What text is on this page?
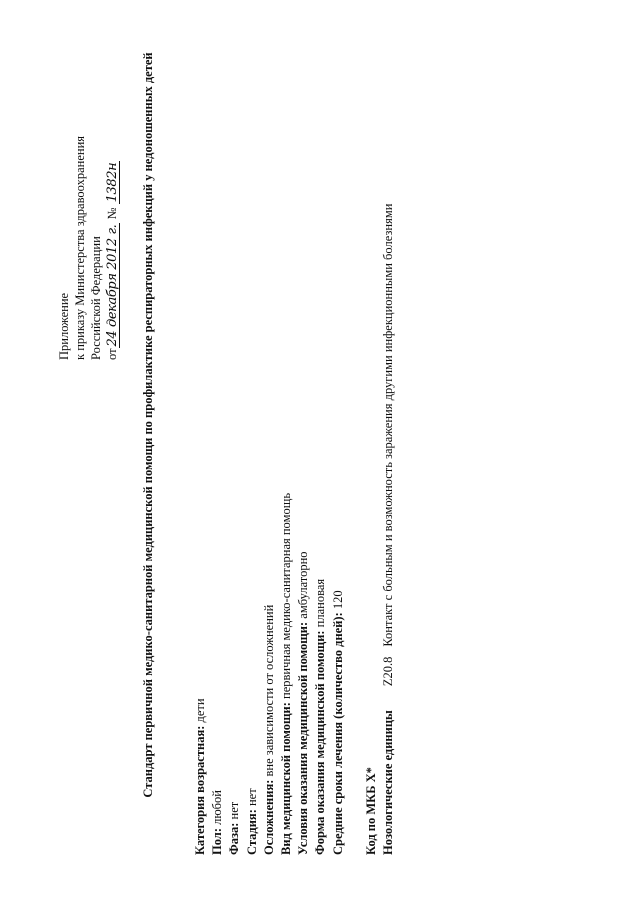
Приложение к приказу Министерства здравоохранения Российской Федерации от24 декабря 2012 г. № 1382н Стандарт первичной медико-санитарной медицинской помощи по профилактике респираторных инфекций у недоношенных детей	Категория возрастная: дети
Пол: любой
Фаза: нет Стадия: нет Осложнения: вне зависимости от осложнений Вид медицинской помощи: первичная медико-санитарная помощь
Условия оказания медицинской помощи: амбулаторно
Форма оказания медицинской помощи: плановая
Средние сроки лечения (количество дней): 120
Код по МКБ X* Нозологические единицыZ20.8Контакт с больным и возможность заражения другими инфекционными болезнями
